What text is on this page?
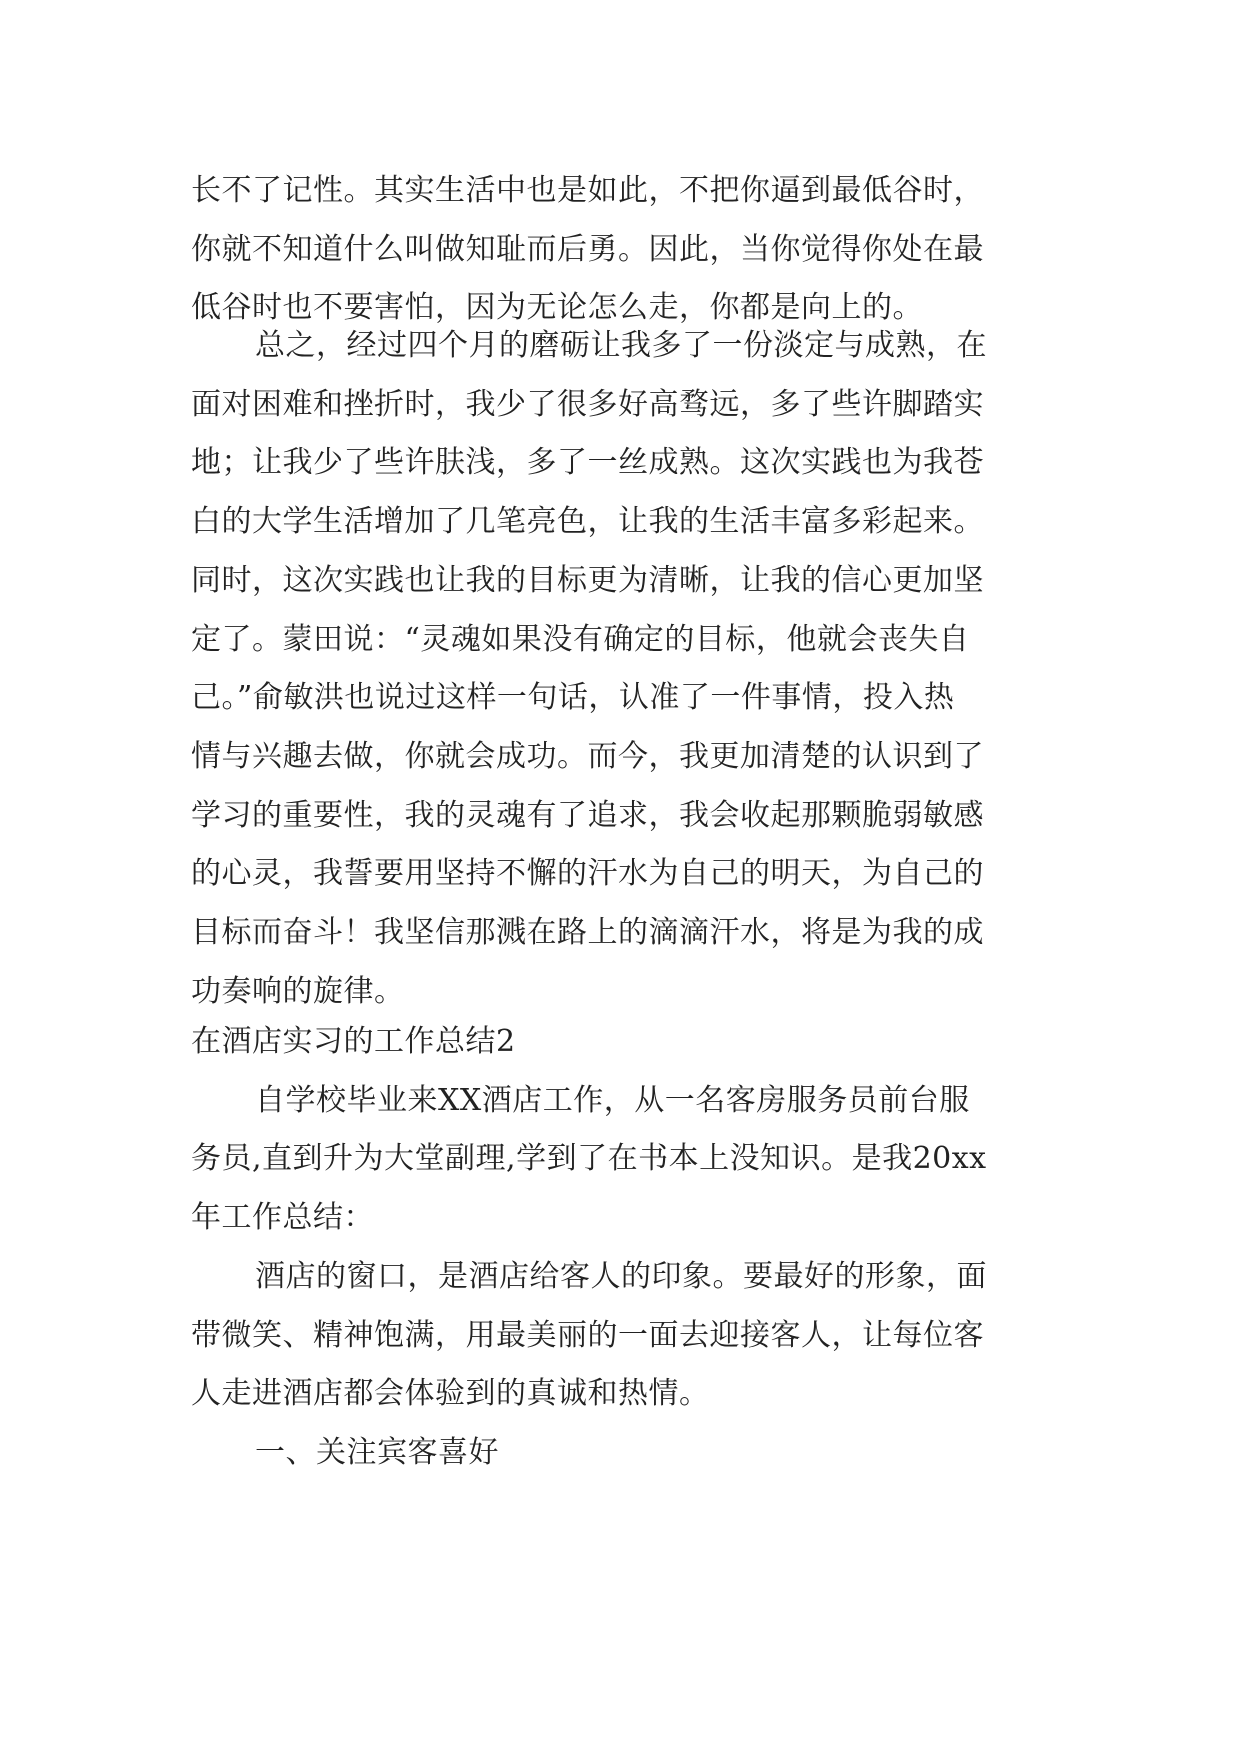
长不了记性。其实生活中也是如此，不把你逼到最低谷时，
你就不知道什么叫做知耻而后勇。因此，当你觉得你处在最
低谷时也不要害怕，因为无论怎么走，你都是向上的。
总之，经过四个月的磨砺让我多了一份淡定与成熟，在
面对困难和挫折时，我少了很多好高骛远，多了些许脚踏实
地；让我少了些许肤浅，多了一丝成熟。这次实践也为我苍
白的大学生活增加了几笔亮色，让我的生活丰富多彩起来。
同时，这次实践也让我的目标更为清晰，让我的信心更加坚
定了。蒙田说：“灵魂如果没有确定的目标，他就会丧失自
己。”俞敏洪也说过这样一句话，认准了一件事情，投入热
情与兴趣去做，你就会成功。而今，我更加清楚的认识到了
学习的重要性，我的灵魂有了追求，我会收起那颗脆弱敏感
的心灵，我誓要用坚持不懈的汗水为自己的明天，为自己的
目标而奋斗！我坚信那溅在路上的滴滴汗水，将是为我的成
功奏响的旋律。
在酒店实习的工作总结2
自学校毕业来XX酒店工作，从一名客房服务员前台服
务员,直到升为大堂副理,学到了在书本上没知识。是我20xx
年工作总结：
酒店的窗口，是酒店给客人的印象。要最好的形象，面
带微笑、精神饱满，用最美丽的一面去迎接客人，让每位客
人走进酒店都会体验到的真诚和热情。
一、关注宾客喜好
